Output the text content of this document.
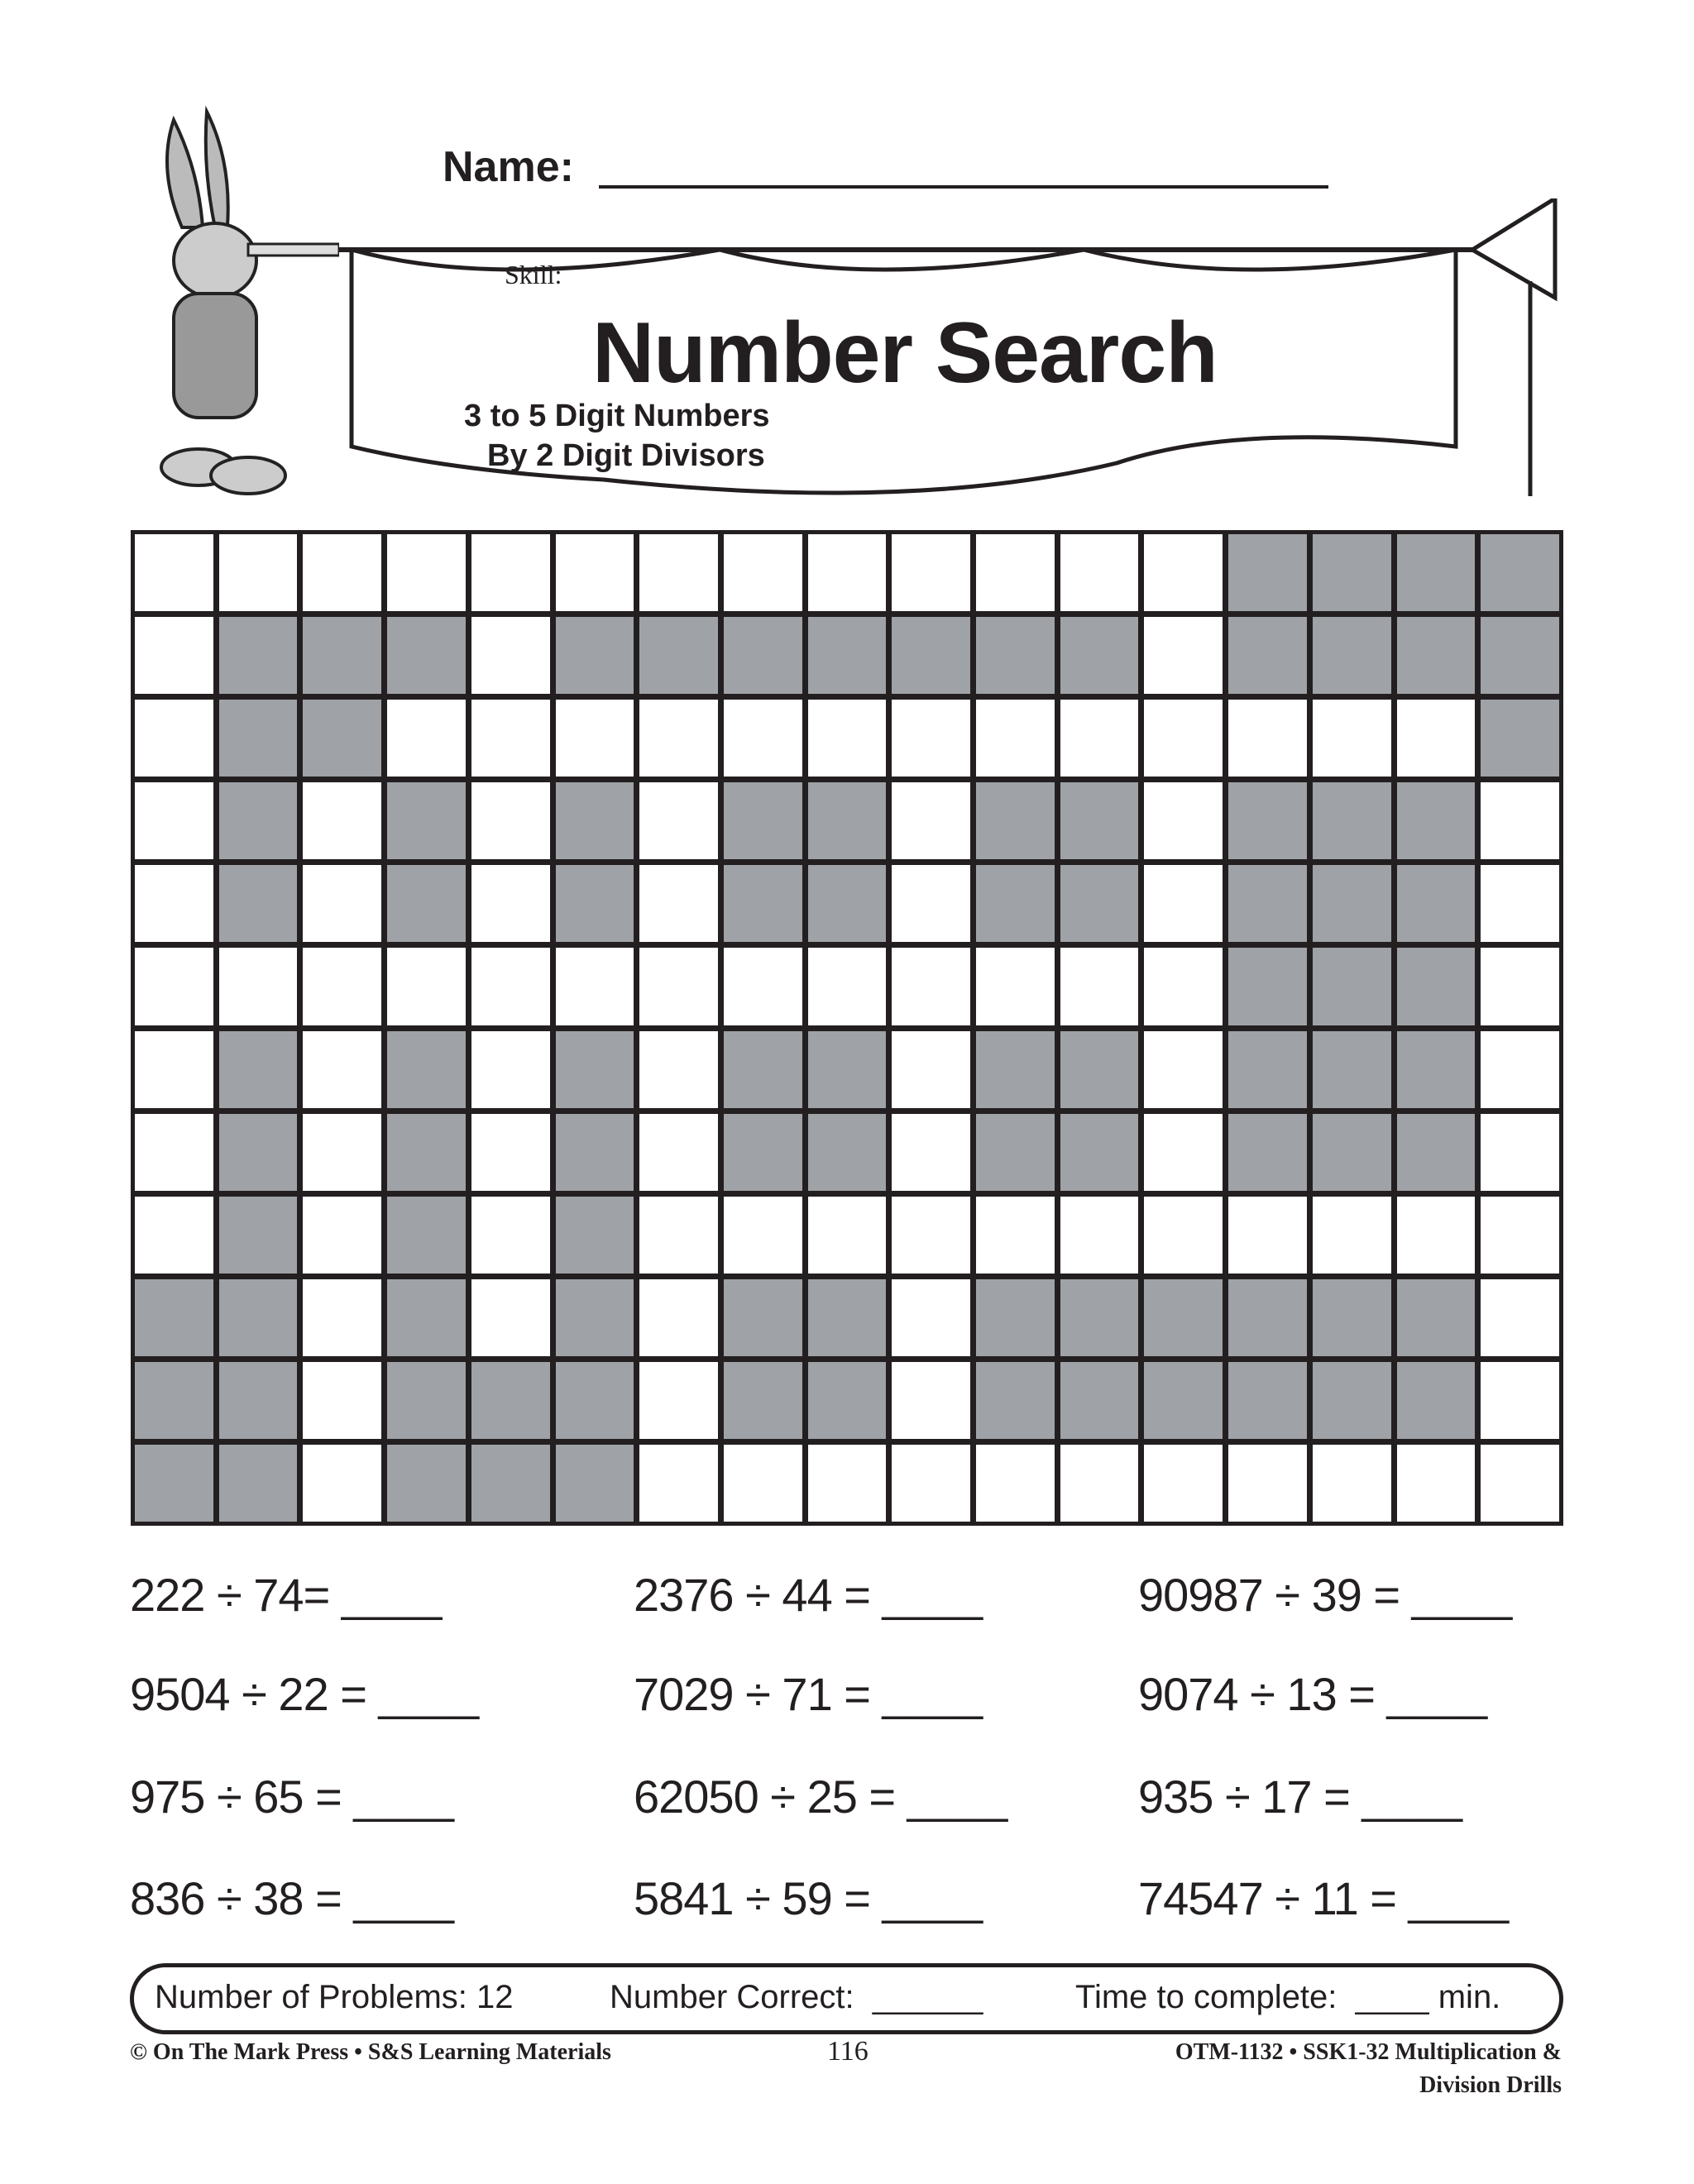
Name:
Skill:
Number Search
3 to 5 Digit Numbers
By 2 Digit Divisors
222 ÷ 74= ____	2376 ÷ 44 = ____	90987 ÷ 39 = ____
9504 ÷ 22 = ____	7029 ÷ 71 = ____	9074 ÷ 13 = ____
975 ÷ 65 = ____	62050 ÷ 25 = ____	935 ÷ 17 = ____
836 ÷ 38 = ____	5841 ÷ 59 = ____	74547 ÷ 11 = ____
Number of Problems: 12	Number Correct:  ______	Time to complete:  ____ min.
© On The Mark Press • S&S Learning Materials	116	OTM-1132 • SSK1-32 Multiplication &
Division Drills
